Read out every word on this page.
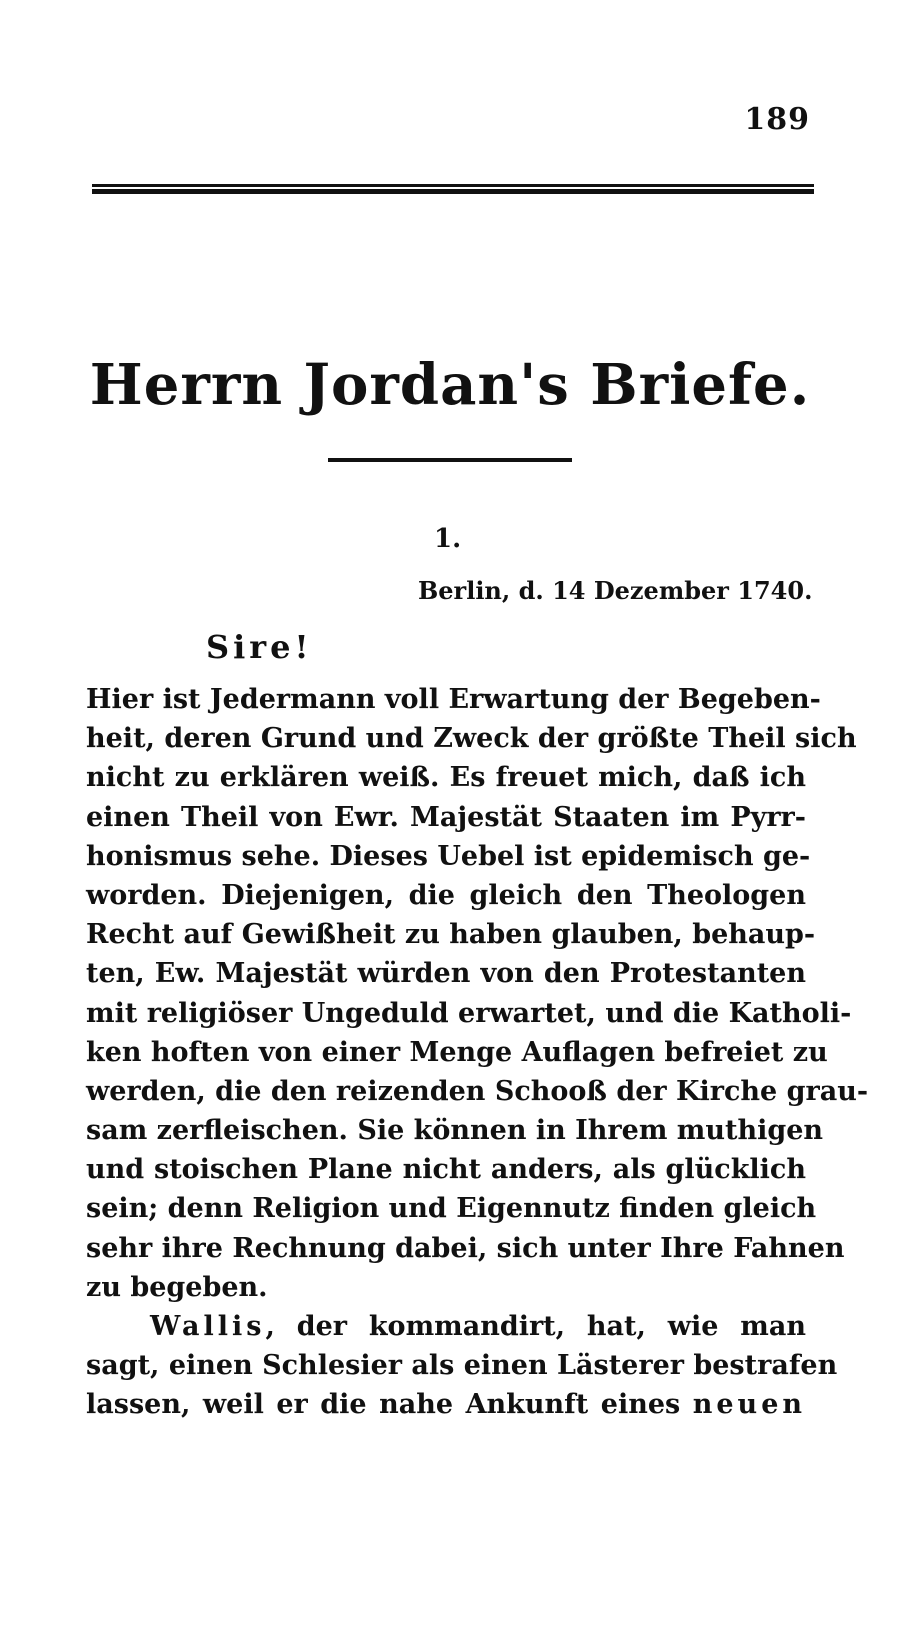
189
Herrn Jordan's Briefe.
1.
Berlin, d. 14 Dezember 1740.
Sire!
Hier ist Jedermann voll Erwartung der Begeben-
heit, deren Grund und Zweck der größte Theil sich
nicht zu erklären weiß. Es freuet mich, daß ich
einen Theil von Ewr. Majestät Staaten im Pyrr-
honismus sehe. Dieses Uebel ist epidemisch ge-
worden. Diejenigen, die gleich den Theologen
Recht auf Gewißheit zu haben glauben, behaup-
ten, Ew. Majestät würden von den Protestanten
mit religiöser Ungeduld erwartet, und die Katholi-
ken hoften von einer Menge Auflagen befreiet zu
werden, die den reizenden Schooß der Kirche grau-
sam zerfleischen. Sie können in Ihrem muthigen
und stoischen Plane nicht anders, als glücklich
sein; denn Religion und Eigennutz finden gleich
sehr ihre Rechnung dabei, sich unter Ihre Fahnen
zu begeben.
Wallis, der kommandirt, hat, wie man
sagt, einen Schlesier als einen Lästerer bestrafen
lassen, weil er die nahe Ankunft eines neuen
